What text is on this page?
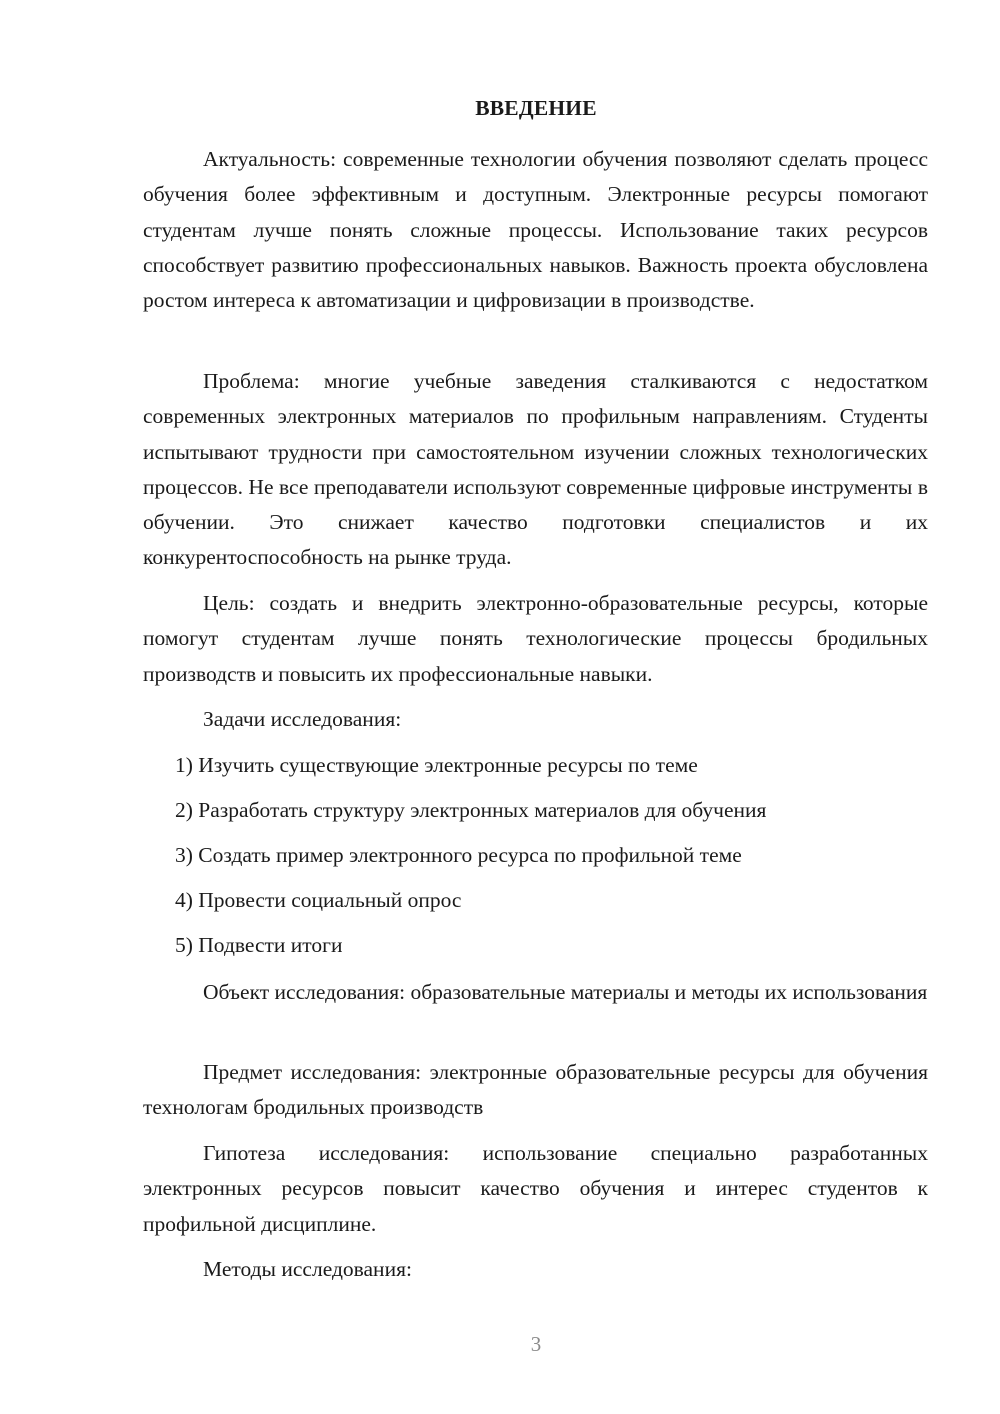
ВВЕДЕНИЕ

Актуальность: современные технологии обучения позволяют сделать процесс обучения более эффективным и доступным. Электронные ресурсы помогают студентам лучше понять сложные процессы. Использование таких ресурсов способствует развитию профессиональных навыков. Важность проекта обусловлена ростом интереса к автоматизации и цифровизации в производстве.

Проблема: многие учебные заведения сталкиваются с недостатком современных электронных материалов по профильным направлениям. Студенты испытывают трудности при самостоятельном изучении сложных технологических процессов. Не все преподаватели используют современные цифровые инструменты в обучении. Это снижает качество подготовки специалистов и их конкурентоспособность на рынке труда.

Цель: создать и внедрить электронно-образовательные ресурсы, которые помогут студентам лучше понять технологические процессы бродильных производств и повысить их профессиональные навыки.

Задачи исследования:

1) Изучить существующие электронные ресурсы по теме

2) Разработать структуру электронных материалов для обучения

3) Создать пример электронного ресурса по профильной теме

4) Провести социальный опрос

5) Подвести итоги

Объект исследования: образовательные материалы и методы их использования

Предмет исследования: электронные образовательные ресурсы для обучения технологам бродильных производств

Гипотеза исследования: использование специально разработанных электронных ресурсов повысит качество обучения и интерес студентов к профильной дисциплине.

Методы исследования:

3
